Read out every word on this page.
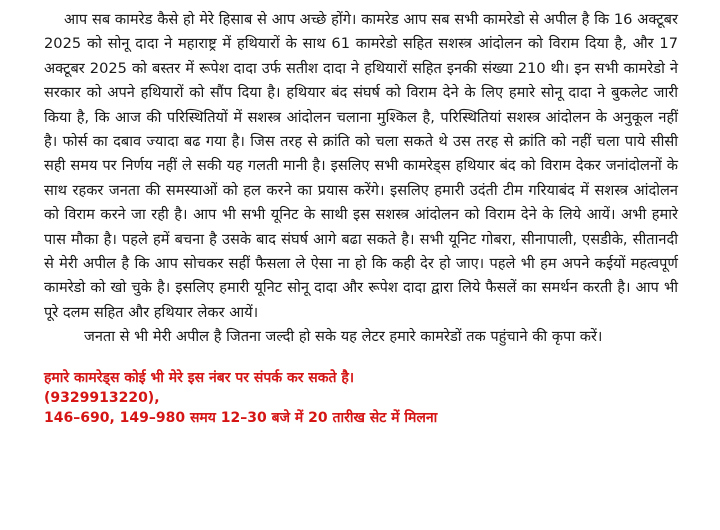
आप सब कामरेड कैसे हो मेरे हिसाब से आप अच्छे होंगे। कामरेड आप सब सभी कामरेडो से अपील है कि 16 अक्टूबर 2025 को सोनू दादा ने महाराष्ट्र में हथियारों के साथ 61 कामरेडो सहित सशस्त्र आंदोलन को विराम दिया है, और 17 अक्टूबर 2025 को बस्तर में रूपेश दादा उर्फ सतीश दादा ने हथियारों सहित इनकी संख्या 210 थी। इन सभी कामरेडो ने सरकार को अपने हथियारों को सौंप दिया है। हथियार बंद संघर्ष को विराम देने के लिए हमारे सोनू दादा ने बुकलेट जारी किया है, कि आज की परिस्थितियों में सशस्त्र आंदोलन चलाना मुश्किल है, परिस्थितियां सशस्त्र आंदोलन के अनुकूल नहीं है। फोर्स का दबाव ज्यादा बढ गया है। जिस तरह से क्रांति को चला सकते थे उस तरह से क्रांति को नहीं चला पाये सीसी सही समय पर निर्णय नहीं ले सकी यह गलती मानी है। इसलिए सभी कामरेड्स हथियार बंद को विराम देकर जनांदोलनों के साथ रहकर जनता की समस्याओं को हल करने का प्रयास करेंगे। इसलिए हमारी उदंती टीम गरियाबंद में सशस्त्र आंदोलन को विराम करने जा रही है। आप भी सभी यूनिट के साथी इस सशस्त्र आंदोलन को विराम देने के लिये आयें। अभी हमारे पास मौका है। पहले हमें बचना है उसके बाद संघर्ष आगे बढा सकते है। सभी यूनिट गोबरा, सीनापाली, एसडीके, सीतानदी से मेरी अपील है कि आप सोचकर सहीं फैसला ले ऐसा ना हो कि कही देर हो जाए। पहले भी हम अपने कईयों महत्वपूर्ण कामरेडो को खो चुके है। इसलिए हमारी यूनिट सोनू दादा और रूपेश दादा द्वारा लिये फैसलें का समर्थन करती है। आप भी पूरे दलम सहित और हथियार लेकर आयें।

जनता से भी मेरी अपील है जितना जल्दी हो सके यह लेटर हमारे कामरेडों तक पहुंचाने की कृपा करें।

हमारे कामरेड्स कोई भी मेरे इस नंबर पर संपर्क कर सकते है।
(9329913220),
146–690, 149–980 समय 12–30 बजे में 20 तारीख सेट में मिलना
